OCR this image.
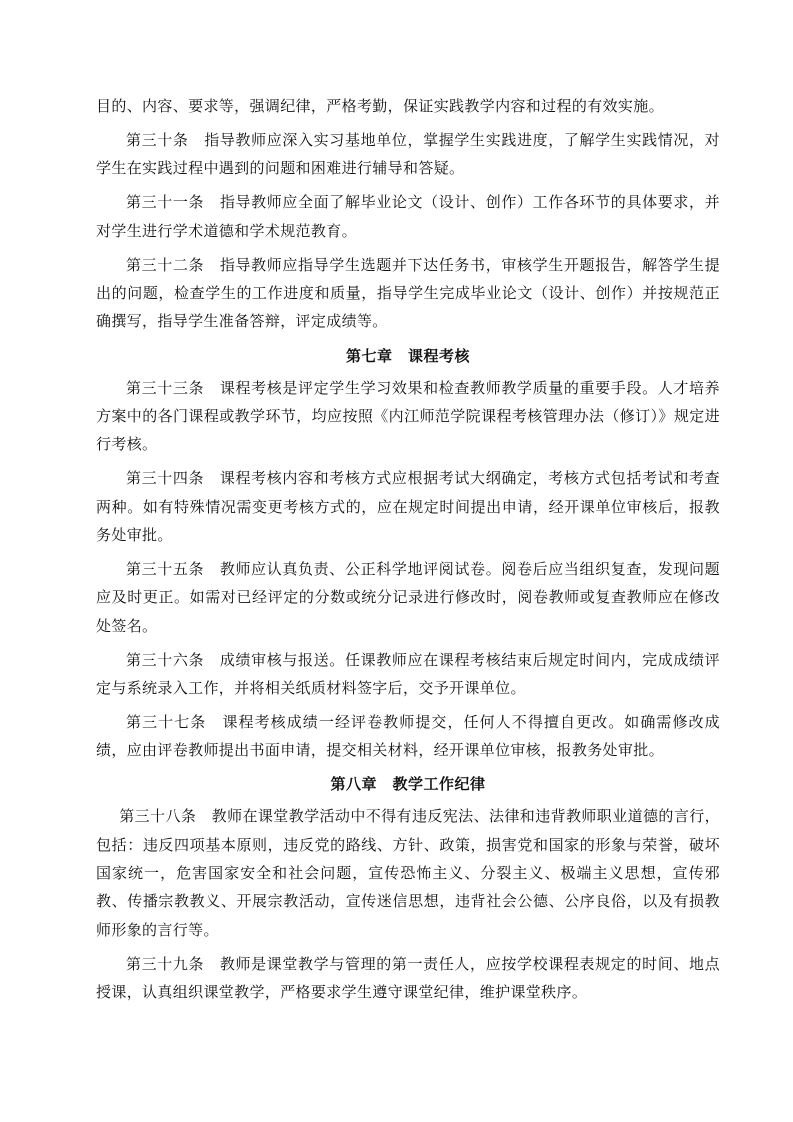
目的、内容、要求等，强调纪律，严格考勤，保证实践教学内容和过程的有效实施。

第三十条　指导教师应深入实习基地单位，掌握学生实践进度，了解学生实践情况，对学生在实践过程中遇到的问题和困难进行辅导和答疑。

第三十一条　指导教师应全面了解毕业论文（设计、创作）工作各环节的具体要求，并对学生进行学术道德和学术规范教育。

第三十二条　指导教师应指导学生选题并下达任务书，审核学生开题报告，解答学生提出的问题，检查学生的工作进度和质量，指导学生完成毕业论文（设计、创作）并按规范正确撰写，指导学生准备答辩，评定成绩等。

第七章　课程考核

第三十三条　课程考核是评定学生学习效果和检查教师教学质量的重要手段。人才培养方案中的各门课程或教学环节，均应按照《内江师范学院课程考核管理办法（修订）》规定进行考核。

第三十四条　课程考核内容和考核方式应根据考试大纲确定，考核方式包括考试和考查两种。如有特殊情况需变更考核方式的，应在规定时间提出申请，经开课单位审核后，报教务处审批。

第三十五条　教师应认真负责、公正科学地评阅试卷。阅卷后应当组织复查，发现问题应及时更正。如需对已经评定的分数或统分记录进行修改时，阅卷教师或复查教师应在修改处签名。

第三十六条　成绩审核与报送。任课教师应在课程考核结束后规定时间内，完成成绩评定与系统录入工作，并将相关纸质材料签字后，交予开课单位。

第三十七条　课程考核成绩一经评卷教师提交，任何人不得擅自更改。如确需修改成绩，应由评卷教师提出书面申请，提交相关材料，经开课单位审核，报教务处审批。

第八章　教学工作纪律

第三十八条　教师在课堂教学活动中不得有违反宪法、法律和违背教师职业道德的言行，包括：违反四项基本原则，违反党的路线、方针、政策，损害党和国家的形象与荣誉，破坏国家统一，危害国家安全和社会问题，宣传恐怖主义、分裂主义、极端主义思想，宣传邪教、传播宗教教义、开展宗教活动，宣传迷信思想，违背社会公德、公序良俗，以及有损教师形象的言行等。

第三十九条　教师是课堂教学与管理的第一责任人，应按学校课程表规定的时间、地点授课，认真组织课堂教学，严格要求学生遵守课堂纪律，维护课堂秩序。
